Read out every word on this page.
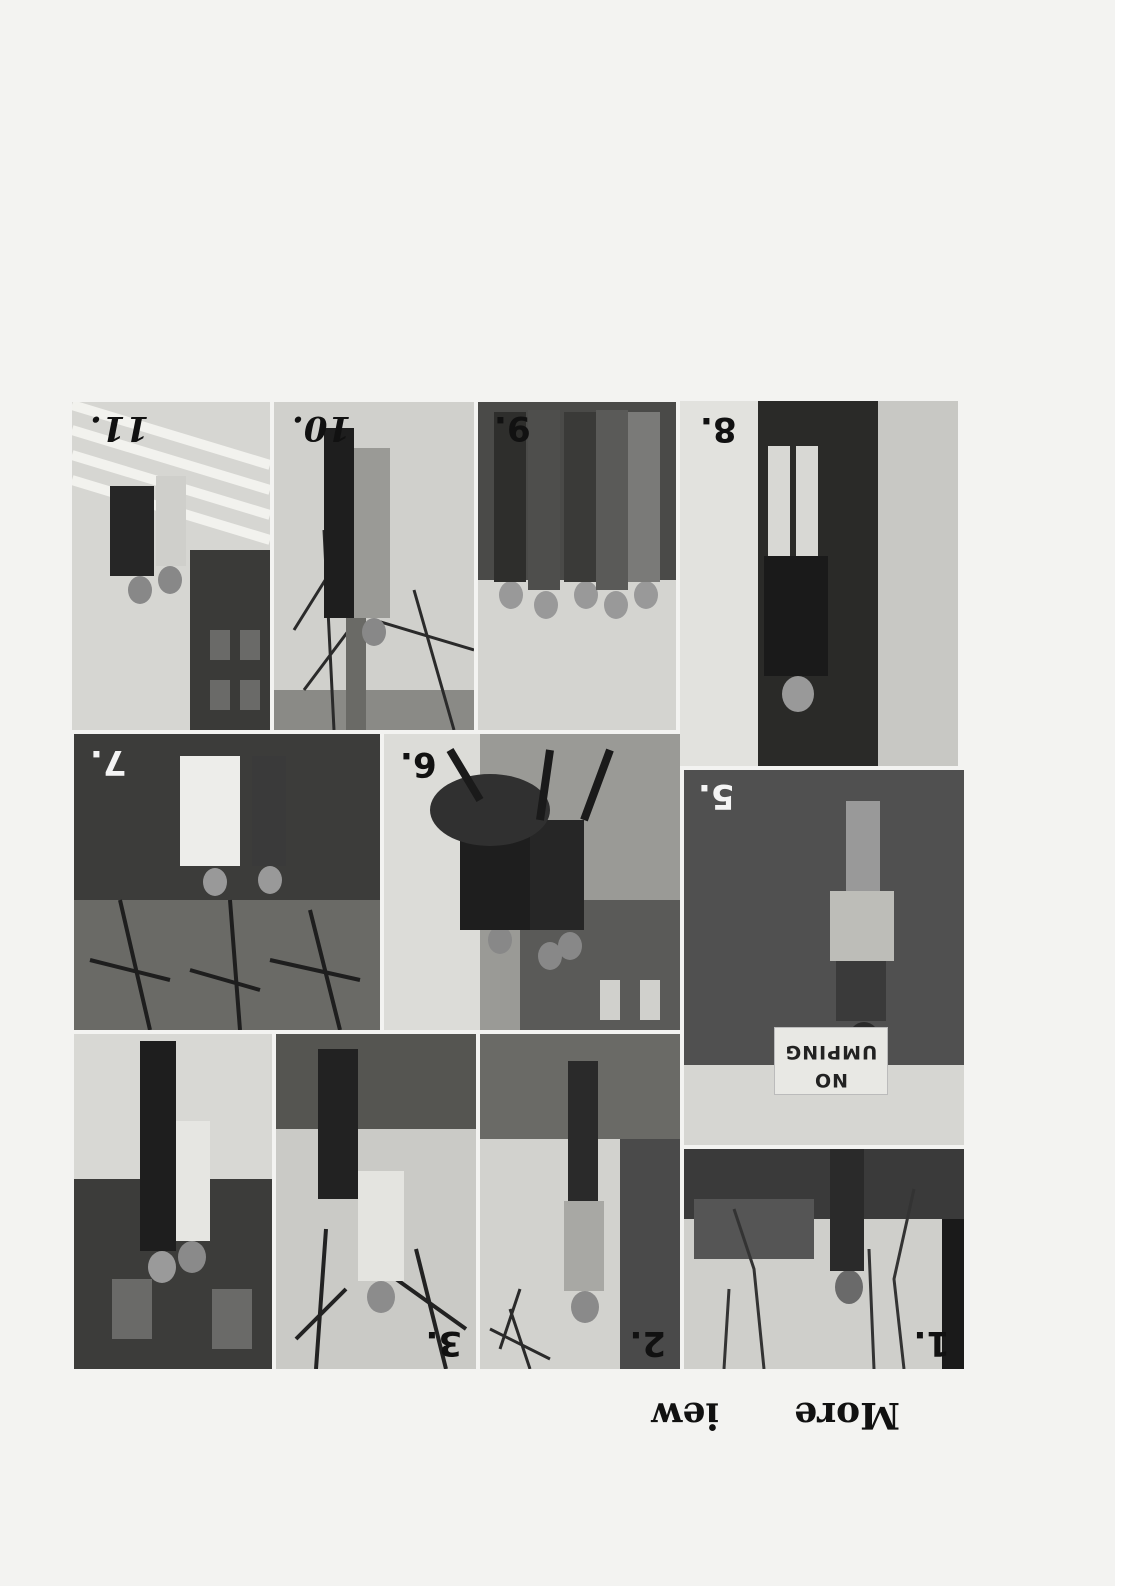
More      iew
1.
2.
3.
NO
UMPING
5.
6.
7.
8.
9.
10.
11.
